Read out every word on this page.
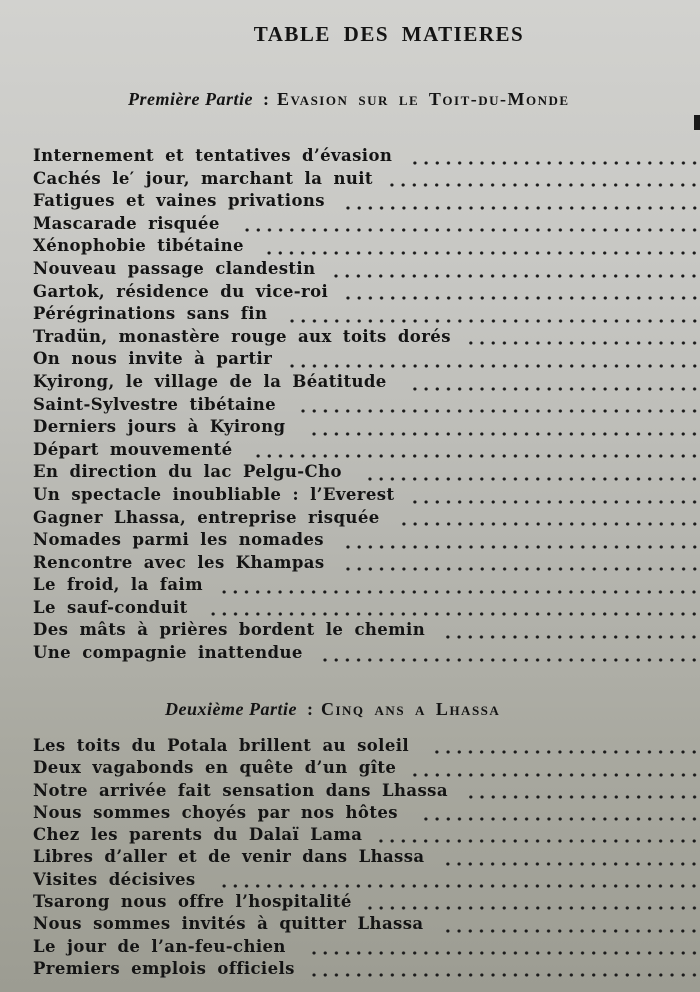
TABLE DES MATIERES
Première Partie : Evasion sur le Toit-du-Monde
Internement et tentatives d’évasion
Cachés le′ jour, marchant la nuit
Fatigues et vaines privations
Mascarade risquée
Xénophobie tibétaine
Nouveau passage clandestin
Gartok, résidence du vice-roi
Pérégrinations sans fin
Tradün, monastère rouge aux toits dorés
On nous invite à partir
Kyirong, le village de la Béatitude
Saint-Sylvestre tibétaine
Derniers jours à Kyirong
Départ mouvementé
En direction du lac Pelgu-Cho
Un spectacle inoubliable : l’Everest
Gagner Lhassa, entreprise risquée
Nomades parmi les nomades
Rencontre avec les Khampas
Le froid, la faim
Le sauf-conduit
Des mâts à prières bordent le chemin
Une compagnie inattendue
Deuxième Partie : Cinq ans a Lhassa
Les toits du Potala brillent au soleil
Deux vagabonds en quête d’un gîte
Notre arrivée fait sensation dans Lhassa
Nous sommes choyés par nos hôtes
Chez les parents du Dalaï Lama
Libres d’aller et de venir dans Lhassa
Visites décisives
Tsarong nous offre l’hospitalité
Nous sommes invités à quitter Lhassa
Le jour de l’an-feu-chien
Premiers emplois officiels
